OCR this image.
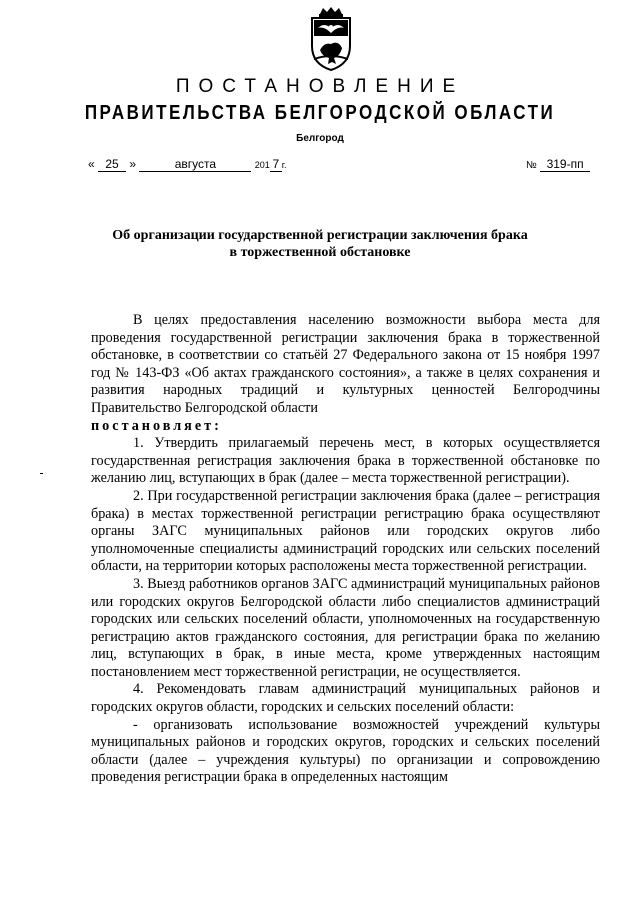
ПОСТАНОВЛЕНИЕ
ПРАВИТЕЛЬСТВА БЕЛГОРОДСКОЙ ОБЛАСТИ
Белгород
« 25 »	августа	201 7 г.	№ 319-пп
Об организации государственной регистрации заключения брака
в торжественной обстановке

В целях предоставления населению возможности выбора места для проведения государственной регистрации заключения брака в торжественной обстановке, в соответствии со статьёй 27 Федерального закона от 15 ноября 1997 год № 143-ФЗ «Об актах гражданского состояния», а также в целях сохранения и развития народных традиций и культурных ценностей Белгородчины Правительство Белгородской области

постановляет:

1. Утвердить прилагаемый перечень мест, в которых осуществляется государственная регистрация заключения брака в торжественной обстановке по желанию лиц, вступающих в брак (далее – места торжественной регистрации).

2. При государственной регистрации заключения брака (далее – регистрация брака) в местах торжественной регистрации регистрацию брака осуществляют органы ЗАГС муниципальных районов или городских округов либо уполномоченные специалисты администраций городских или сельских поселений области, на территории которых расположены места торжественной регистрации.

3. Выезд работников органов ЗАГС администраций муниципальных районов или городских округов Белгородской области либо специалистов администраций городских или сельских поселений области, уполномоченных на государственную регистрацию актов гражданского состояния, для регистрации брака по желанию лиц, вступающих в брак, в иные места, кроме утвержденных настоящим постановлением мест торжественной регистрации, не осуществляется.

4. Рекомендовать главам администраций муниципальных районов и городских округов области, городских и сельских поселений области:

- организовать использование возможностей учреждений культуры муниципальных районов и городских округов, городских и сельских поселений области (далее – учреждения культуры) по организации и сопровождению проведения регистрации брака в определенных настоящим
